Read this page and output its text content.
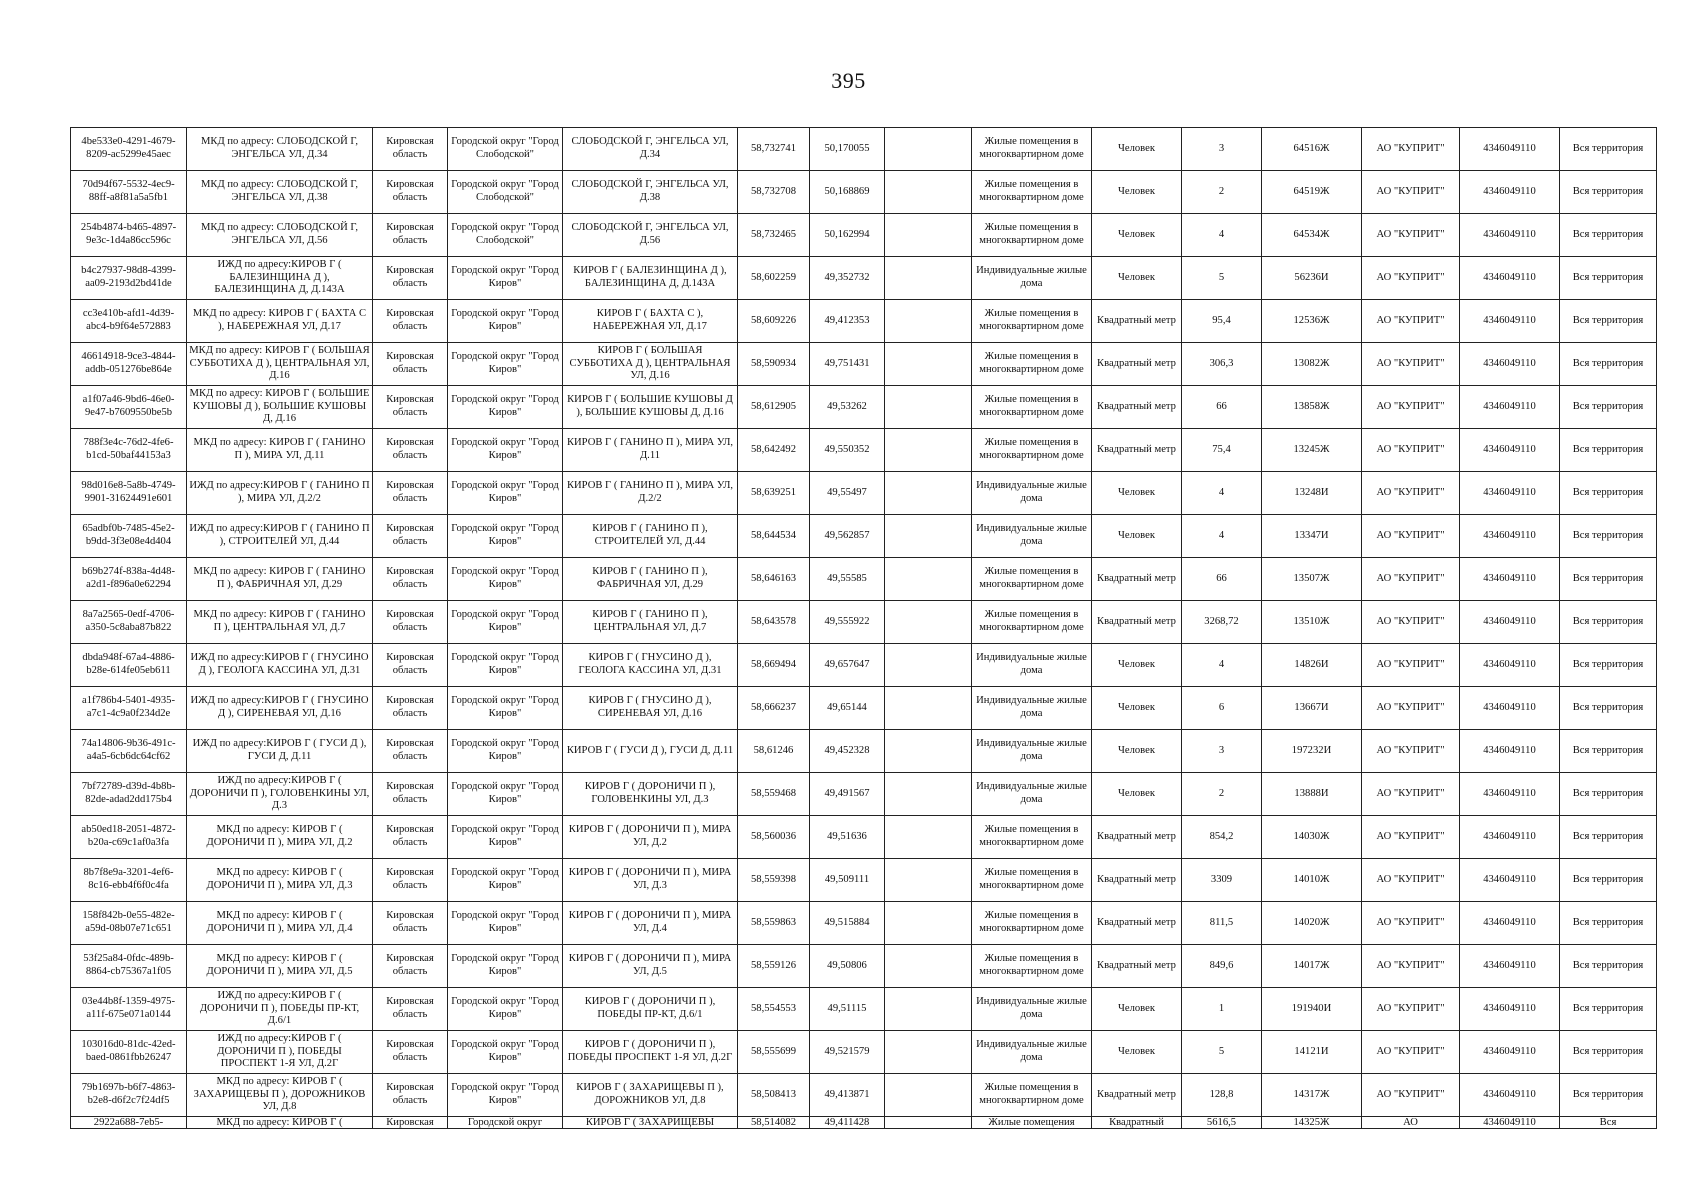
395
4be533e0-4291-4679-8209-ac5299e45aec	МКД по адресу: СЛОБОДСКОЙ Г, ЭНГЕЛЬСА УЛ, Д.34	Кировская область	Городской округ "Город Слободской"	СЛОБОДСКОЙ Г, ЭНГЕЛЬСА УЛ, Д.34	58,732741	50,170055		Жилые помещения в многоквартирном доме	Человек	3	64516Ж	АО "КУПРИТ"	4346049110	Вся территория
70d94f67-5532-4ec9-88ff-a8f81a5a5fb1	МКД по адресу: СЛОБОДСКОЙ Г, ЭНГЕЛЬСА УЛ, Д.38	Кировская область	Городской округ "Город Слободской"	СЛОБОДСКОЙ Г, ЭНГЕЛЬСА УЛ, Д.38	58,732708	50,168869		Жилые помещения в многоквартирном доме	Человек	2	64519Ж	АО "КУПРИТ"	4346049110	Вся территория
254b4874-b465-4897-9e3c-1d4a86cc596c	МКД по адресу: СЛОБОДСКОЙ Г, ЭНГЕЛЬСА УЛ, Д.56	Кировская область	Городской округ "Город Слободской"	СЛОБОДСКОЙ Г, ЭНГЕЛЬСА УЛ, Д.56	58,732465	50,162994		Жилые помещения в многоквартирном доме	Человек	4	64534Ж	АО "КУПРИТ"	4346049110	Вся территория
b4c27937-98d8-4399-aa09-2193d2bd41de	ИЖД по адресу:КИРОВ Г ( БАЛЕЗИНЩИНА Д ), БАЛЕЗИНЩИНА Д, Д.143А	Кировская область	Городской округ "Город Киров"	КИРОВ Г ( БАЛЕЗИНЩИНА Д ), БАЛЕЗИНЩИНА Д, Д.143А	58,602259	49,352732		Индивидуальные жилые дома	Человек	5	56236И	АО "КУПРИТ"	4346049110	Вся территория
cc3e410b-afd1-4d39-abc4-b9f64e572883	МКД по адресу: КИРОВ Г ( БАХТА С ), НАБЕРЕЖНАЯ УЛ, Д.17	Кировская область	Городской округ "Город Киров"	КИРОВ Г ( БАХТА С ), НАБЕРЕЖНАЯ УЛ, Д.17	58,609226	49,412353		Жилые помещения в многоквартирном доме	Квадратный метр	95,4	12536Ж	АО "КУПРИТ"	4346049110	Вся территория
46614918-9ce3-4844-addb-051276be864e	МКД по адресу: КИРОВ Г ( БОЛЬШАЯ СУББОТИХА Д ), ЦЕНТРАЛЬНАЯ УЛ, Д.16	Кировская область	Городской округ "Город Киров"	КИРОВ Г ( БОЛЬШАЯ СУББОТИХА Д ), ЦЕНТРАЛЬНАЯ УЛ, Д.16	58,590934	49,751431		Жилые помещения в многоквартирном доме	Квадратный метр	306,3	13082Ж	АО "КУПРИТ"	4346049110	Вся территория
a1f07a46-9bd6-46e0-9e47-b7609550be5b	МКД по адресу: КИРОВ Г ( БОЛЬШИЕ КУШОВЫ Д ), БОЛЬШИЕ КУШОВЫ Д, Д.16	Кировская область	Городской округ "Город Киров"	КИРОВ Г ( БОЛЬШИЕ КУШОВЫ Д ), БОЛЬШИЕ КУШОВЫ Д, Д.16	58,612905	49,53262		Жилые помещения в многоквартирном доме	Квадратный метр	66	13858Ж	АО "КУПРИТ"	4346049110	Вся территория
788f3e4c-76d2-4fe6-b1cd-50baf44153a3	МКД по адресу: КИРОВ Г ( ГАНИНО П ), МИРА УЛ, Д.11	Кировская область	Городской округ "Город Киров"	КИРОВ Г ( ГАНИНО П ), МИРА УЛ, Д.11	58,642492	49,550352		Жилые помещения в многоквартирном доме	Квадратный метр	75,4	13245Ж	АО "КУПРИТ"	4346049110	Вся территория
98d016e8-5a8b-4749-9901-31624491e601	ИЖД по адресу:КИРОВ Г ( ГАНИНО П ), МИРА УЛ, Д.2/2	Кировская область	Городской округ "Город Киров"	КИРОВ Г ( ГАНИНО П ), МИРА УЛ, Д.2/2	58,639251	49,55497		Индивидуальные жилые дома	Человек	4	13248И	АО "КУПРИТ"	4346049110	Вся территория
65adbf0b-7485-45e2-b9dd-3f3e08e4d404	ИЖД по адресу:КИРОВ Г ( ГАНИНО П ), СТРОИТЕЛЕЙ УЛ, Д.44	Кировская область	Городской округ "Город Киров"	КИРОВ Г ( ГАНИНО П ), СТРОИТЕЛЕЙ УЛ, Д.44	58,644534	49,562857		Индивидуальные жилые дома	Человек	4	13347И	АО "КУПРИТ"	4346049110	Вся территория
b69b274f-838a-4d48-a2d1-f896a0e62294	МКД по адресу: КИРОВ Г ( ГАНИНО П ), ФАБРИЧНАЯ УЛ, Д.29	Кировская область	Городской округ "Город Киров"	КИРОВ Г ( ГАНИНО П ), ФАБРИЧНАЯ УЛ, Д.29	58,646163	49,55585		Жилые помещения в многоквартирном доме	Квадратный метр	66	13507Ж	АО "КУПРИТ"	4346049110	Вся территория
8a7a2565-0edf-4706-a350-5c8aba87b822	МКД по адресу: КИРОВ Г ( ГАНИНО П ), ЦЕНТРАЛЬНАЯ УЛ, Д.7	Кировская область	Городской округ "Город Киров"	КИРОВ Г ( ГАНИНО П ), ЦЕНТРАЛЬНАЯ УЛ, Д.7	58,643578	49,555922		Жилые помещения в многоквартирном доме	Квадратный метр	3268,72	13510Ж	АО "КУПРИТ"	4346049110	Вся территория
dbda948f-67a4-4886-b28e-614fe05eb611	ИЖД по адресу:КИРОВ Г ( ГНУСИНО Д ), ГЕОЛОГА КАССИНА УЛ, Д.31	Кировская область	Городской округ "Город Киров"	КИРОВ Г ( ГНУСИНО Д ), ГЕОЛОГА КАССИНА УЛ, Д.31	58,669494	49,657647		Индивидуальные жилые дома	Человек	4	14826И	АО "КУПРИТ"	4346049110	Вся территория
a1f786b4-5401-4935-a7c1-4c9a0f234d2e	ИЖД по адресу:КИРОВ Г ( ГНУСИНО Д ), СИРЕНЕВАЯ УЛ, Д.16	Кировская область	Городской округ "Город Киров"	КИРОВ Г ( ГНУСИНО Д ), СИРЕНЕВАЯ УЛ, Д.16	58,666237	49,65144		Индивидуальные жилые дома	Человек	6	13667И	АО "КУПРИТ"	4346049110	Вся территория
74a14806-9b36-491c-a4a5-6cb6dc64cf62	ИЖД по адресу:КИРОВ Г ( ГУСИ Д ), ГУСИ Д, Д.11	Кировская область	Городской округ "Город Киров"	КИРОВ Г ( ГУСИ Д ), ГУСИ Д, Д.11	58,61246	49,452328		Индивидуальные жилые дома	Человек	3	197232И	АО "КУПРИТ"	4346049110	Вся территория
7bf72789-d39d-4b8b-82de-adad2dd175b4	ИЖД по адресу:КИРОВ Г ( ДОРОНИЧИ П ), ГОЛОВЕНКИНЫ УЛ, Д.3	Кировская область	Городской округ "Город Киров"	КИРОВ Г ( ДОРОНИЧИ П ), ГОЛОВЕНКИНЫ УЛ, Д.3	58,559468	49,491567		Индивидуальные жилые дома	Человек	2	13888И	АО "КУПРИТ"	4346049110	Вся территория
ab50ed18-2051-4872-b20a-c69c1af0a3fa	МКД по адресу: КИРОВ Г ( ДОРОНИЧИ П ), МИРА УЛ, Д.2	Кировская область	Городской округ "Город Киров"	КИРОВ Г ( ДОРОНИЧИ П ), МИРА УЛ, Д.2	58,560036	49,51636		Жилые помещения в многоквартирном доме	Квадратный метр	854,2	14030Ж	АО "КУПРИТ"	4346049110	Вся территория
8b7f8e9a-3201-4ef6-8c16-ebb4f6f0c4fa	МКД по адресу: КИРОВ Г ( ДОРОНИЧИ П ), МИРА УЛ, Д.3	Кировская область	Городской округ "Город Киров"	КИРОВ Г ( ДОРОНИЧИ П ), МИРА УЛ, Д.3	58,559398	49,509111		Жилые помещения в многоквартирном доме	Квадратный метр	3309	14010Ж	АО "КУПРИТ"	4346049110	Вся территория
158f842b-0e55-482e-a59d-08b07e71c651	МКД по адресу: КИРОВ Г ( ДОРОНИЧИ П ), МИРА УЛ, Д.4	Кировская область	Городской округ "Город Киров"	КИРОВ Г ( ДОРОНИЧИ П ), МИРА УЛ, Д.4	58,559863	49,515884		Жилые помещения в многоквартирном доме	Квадратный метр	811,5	14020Ж	АО "КУПРИТ"	4346049110	Вся территория
53f25a84-0fdc-489b-8864-cb75367a1f05	МКД по адресу: КИРОВ Г ( ДОРОНИЧИ П ), МИРА УЛ, Д.5	Кировская область	Городской округ "Город Киров"	КИРОВ Г ( ДОРОНИЧИ П ), МИРА УЛ, Д.5	58,559126	49,50806		Жилые помещения в многоквартирном доме	Квадратный метр	849,6	14017Ж	АО "КУПРИТ"	4346049110	Вся территория
03e44b8f-1359-4975-a11f-675e071a0144	ИЖД по адресу:КИРОВ Г ( ДОРОНИЧИ П ), ПОБЕДЫ ПР-КТ, Д.6/1	Кировская область	Городской округ "Город Киров"	КИРОВ Г ( ДОРОНИЧИ П ), ПОБЕДЫ ПР-КТ, Д.6/1	58,554553	49,51115		Индивидуальные жилые дома	Человек	1	191940И	АО "КУПРИТ"	4346049110	Вся территория
103016d0-81dc-42ed-baed-0861fbb26247	ИЖД по адресу:КИРОВ Г ( ДОРОНИЧИ П ), ПОБЕДЫ ПРОСПЕКТ 1-Я УЛ, Д.2Г	Кировская область	Городской округ "Город Киров"	КИРОВ Г ( ДОРОНИЧИ П ), ПОБЕДЫ ПРОСПЕКТ 1-Я УЛ, Д.2Г	58,555699	49,521579		Индивидуальные жилые дома	Человек	5	14121И	АО "КУПРИТ"	4346049110	Вся территория
79b1697b-b6f7-4863-b2e8-d6f2c7f24df5	МКД по адресу: КИРОВ Г ( ЗАХАРИЩЕВЫ П ), ДОРОЖНИКОВ УЛ, Д.8	Кировская область	Городской округ "Город Киров"	КИРОВ Г ( ЗАХАРИЩЕВЫ П ), ДОРОЖНИКОВ УЛ, Д.8	58,508413	49,413871		Жилые помещения в многоквартирном доме	Квадратный метр	128,8	14317Ж	АО "КУПРИТ"	4346049110	Вся территория
2922a688-7eb5-	МКД по адресу: КИРОВ Г (	Кировская	Городской округ	КИРОВ Г ( ЗАХАРИЩЕВЫ	58,514082	49,411428		Жилые помещения	Квадратный	5616,5	14325Ж	АО	4346049110	Вся
